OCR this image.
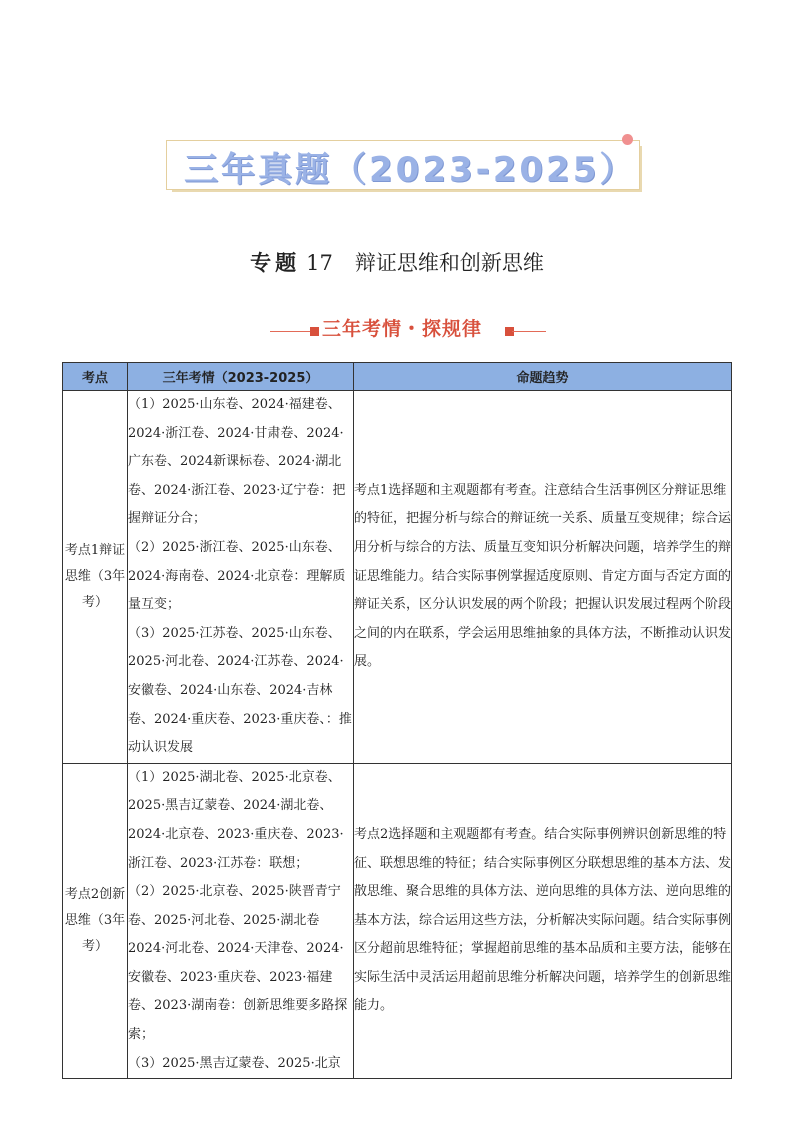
三年真题（2023-2025）
专题 17 辩证思维和创新思维
三年考情・探规律
考点	三年考情（2023-2025）	命题趋势
考点1辩证思维（3年考）	（1）2025·山东卷、2024·福建卷、2024·浙江卷、2024·甘肃卷、2024·广东卷、2024新课标卷、2024·湖北卷、2024·浙江卷、2023·辽宁卷：把握辩证分合；

（2）2025·浙江卷、2025·山东卷、2024·海南卷、2024·北京卷：理解质量互变；

（3）2025·江苏卷、2025·山东卷、2025·河北卷、2024·江苏卷、2024·安徽卷、2024·山东卷、2024·吉林卷、2024·重庆卷、2023·重庆卷、：推动认识发展	考点1选择题和主观题都有考查。注意结合生活事例区分辩证思维的特征，把握分析与综合的辩证统一关系、质量互变规律；综合运用分析与综合的方法、质量互变知识分析解决问题，培养学生的辩证思维能力。结合实际事例掌握适度原则、肯定方面与否定方面的辩证关系，区分认识发展的两个阶段；把握认识发展过程两个阶段之间的内在联系，学会运用思维抽象的具体方法，不断推动认识发展。
考点2创新思维（3年考）	（1）2025·湖北卷、2025·北京卷、2025·黑吉辽蒙卷、2024·湖北卷、2024·北京卷、2023·重庆卷、2023·浙江卷、2023·江苏卷：联想；

（2）2025·北京卷、2025·陕晋青宁卷、2025·河北卷、2025·湖北卷2024·河北卷、2024·天津卷、2024·安徽卷、2023·重庆卷、2023·福建卷、2023·湖南卷：创新思维要多路探索；

（3）2025·黑吉辽蒙卷、2025·北京	考点2选择题和主观题都有考查。结合实际事例辨识创新思维的特征、联想思维的特征；结合实际事例区分联想思维的基本方法、发散思维、聚合思维的具体方法、逆向思维的具体方法、逆向思维的基本方法，综合运用这些方法，分析解决实际问题。结合实际事例区分超前思维特征；掌握超前思维的基本品质和主要方法，能够在实际生活中灵活运用超前思维分析解决问题，培养学生的创新思维能力。
